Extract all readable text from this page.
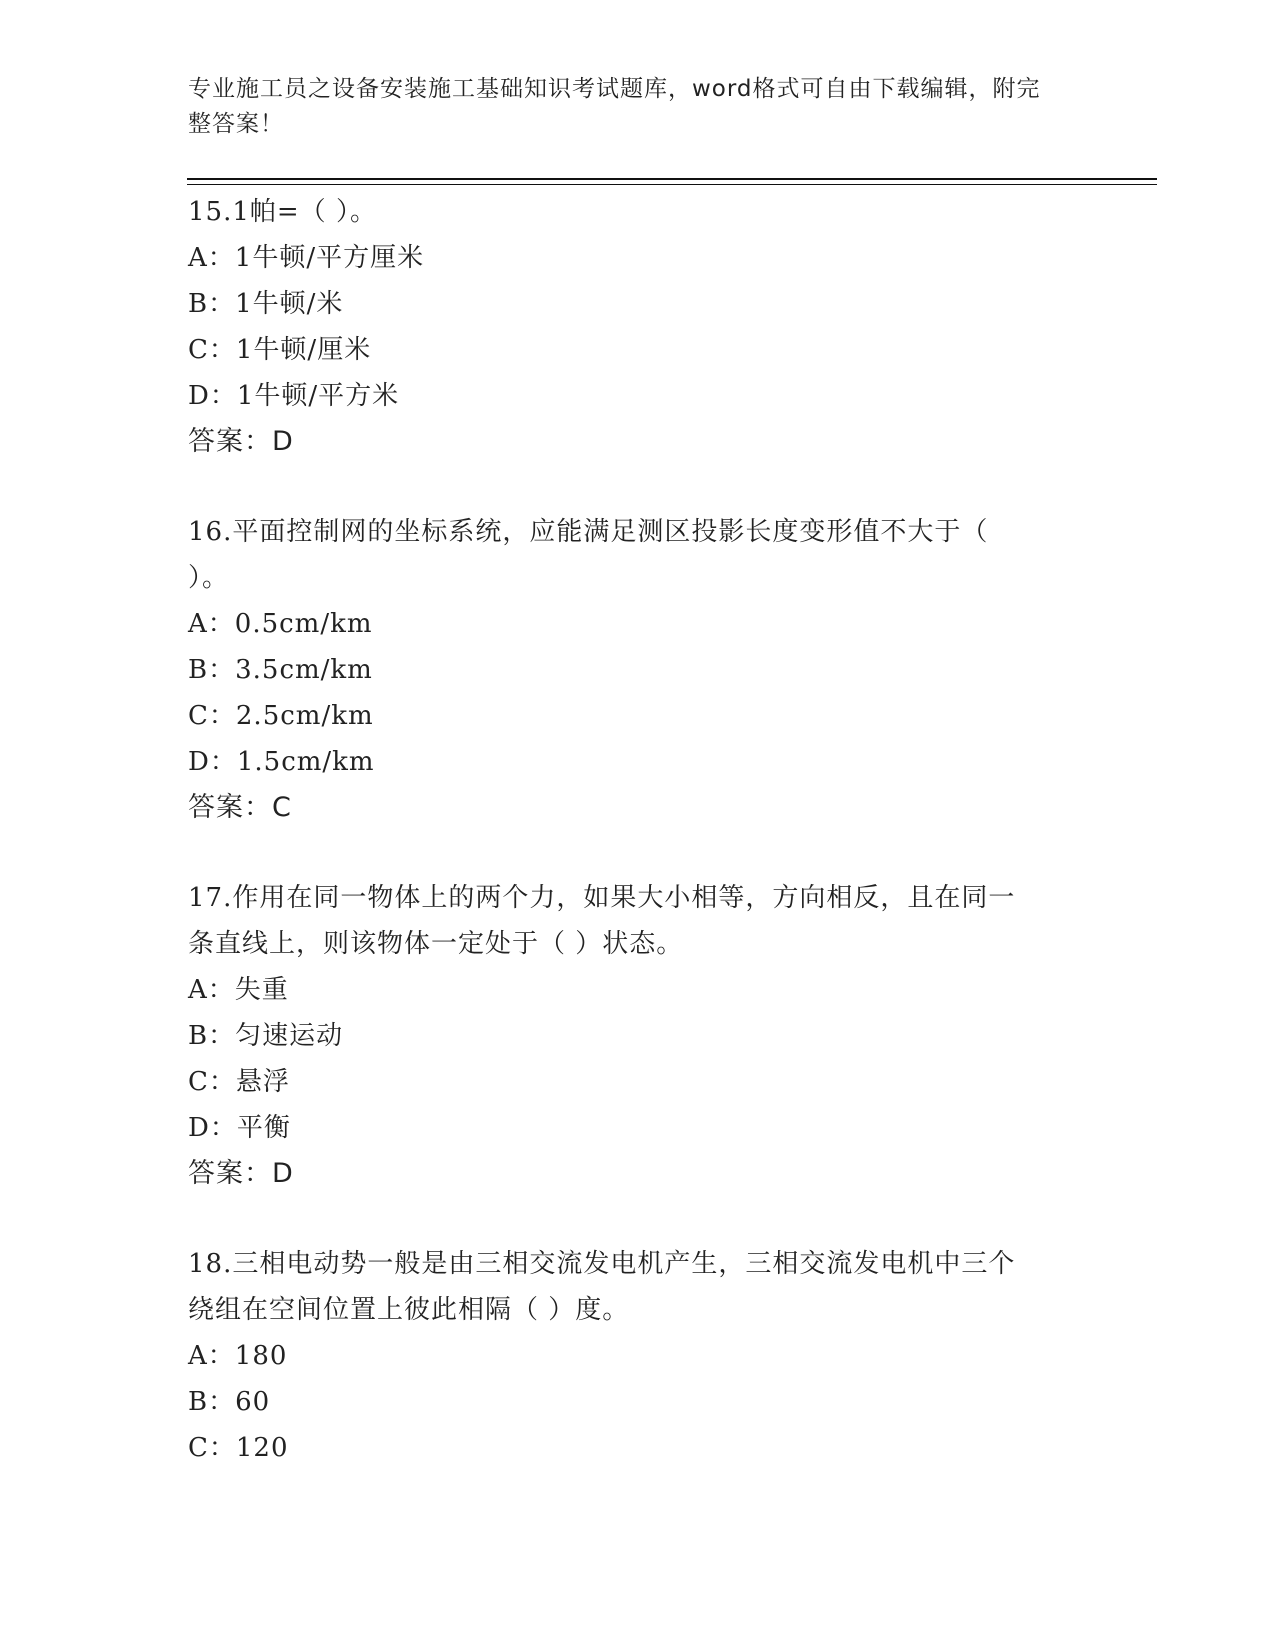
专业施工员之设备安装施工基础知识考试题库，word格式可自由下载编辑，附完
整答案！

15.1帕=（ ）。

A：1牛顿/平方厘米

B：1牛顿/米

C：1牛顿/厘米

D：1牛顿/平方米

答案：D

16.平面控制网的坐标系统，应能满足测区投影长度变形值不大于（

）。

A：0.5cm/km

B：3.5cm/km

C：2.5cm/km

D：1.5cm/km

答案：C

17.作用在同一物体上的两个力，如果大小相等，方向相反，且在同一

条直线上，则该物体一定处于（ ）状态。

A：失重

B：匀速运动

C：悬浮

D：平衡

答案：D

18.三相电动势一般是由三相交流发电机产生，三相交流发电机中三个

绕组在空间位置上彼此相隔（ ）度。

A：180

B：60

C：120
